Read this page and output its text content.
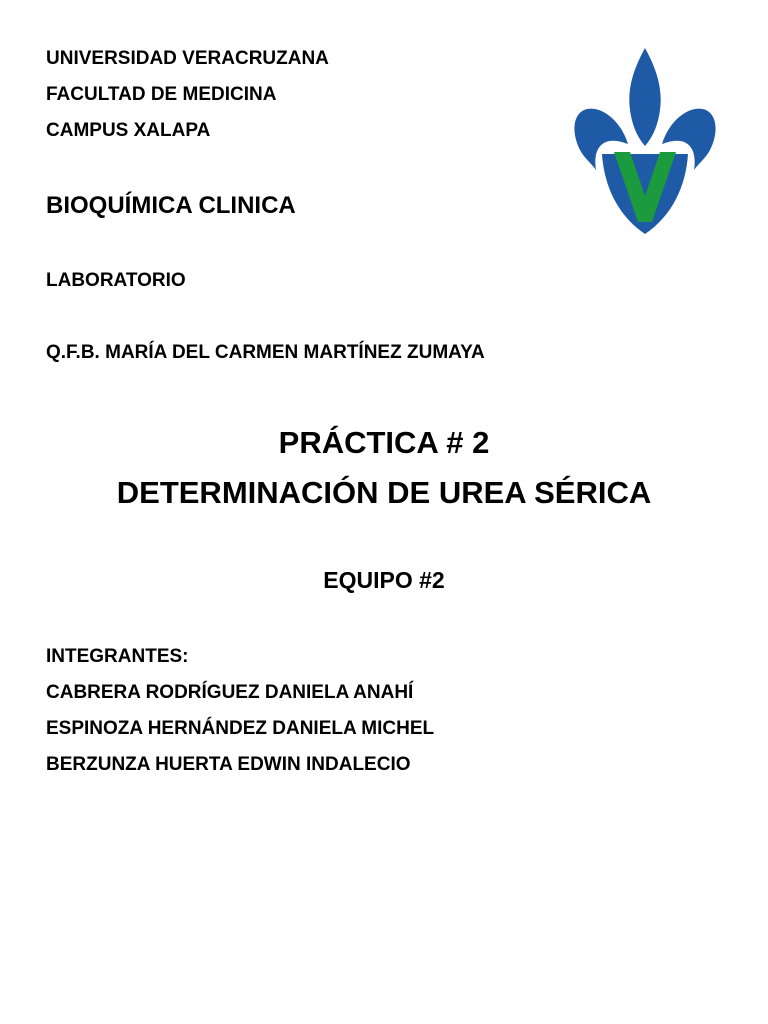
UNIVERSIDAD VERACRUZANA

FACULTAD DE MEDICINA

CAMPUS XALAPA

BIOQUÍMICA CLINICA

LABORATORIO

Q.F.B. MARÍA DEL CARMEN MARTÍNEZ ZUMAYA

PRÁCTICA # 2

DETERMINACIÓN DE UREA SÉRICA

EQUIPO #2

INTEGRANTES:

CABRERA RODRÍGUEZ DANIELA ANAHÍ

ESPINOZA HERNÁNDEZ DANIELA MICHEL

BERZUNZA HUERTA EDWIN INDALECIO
